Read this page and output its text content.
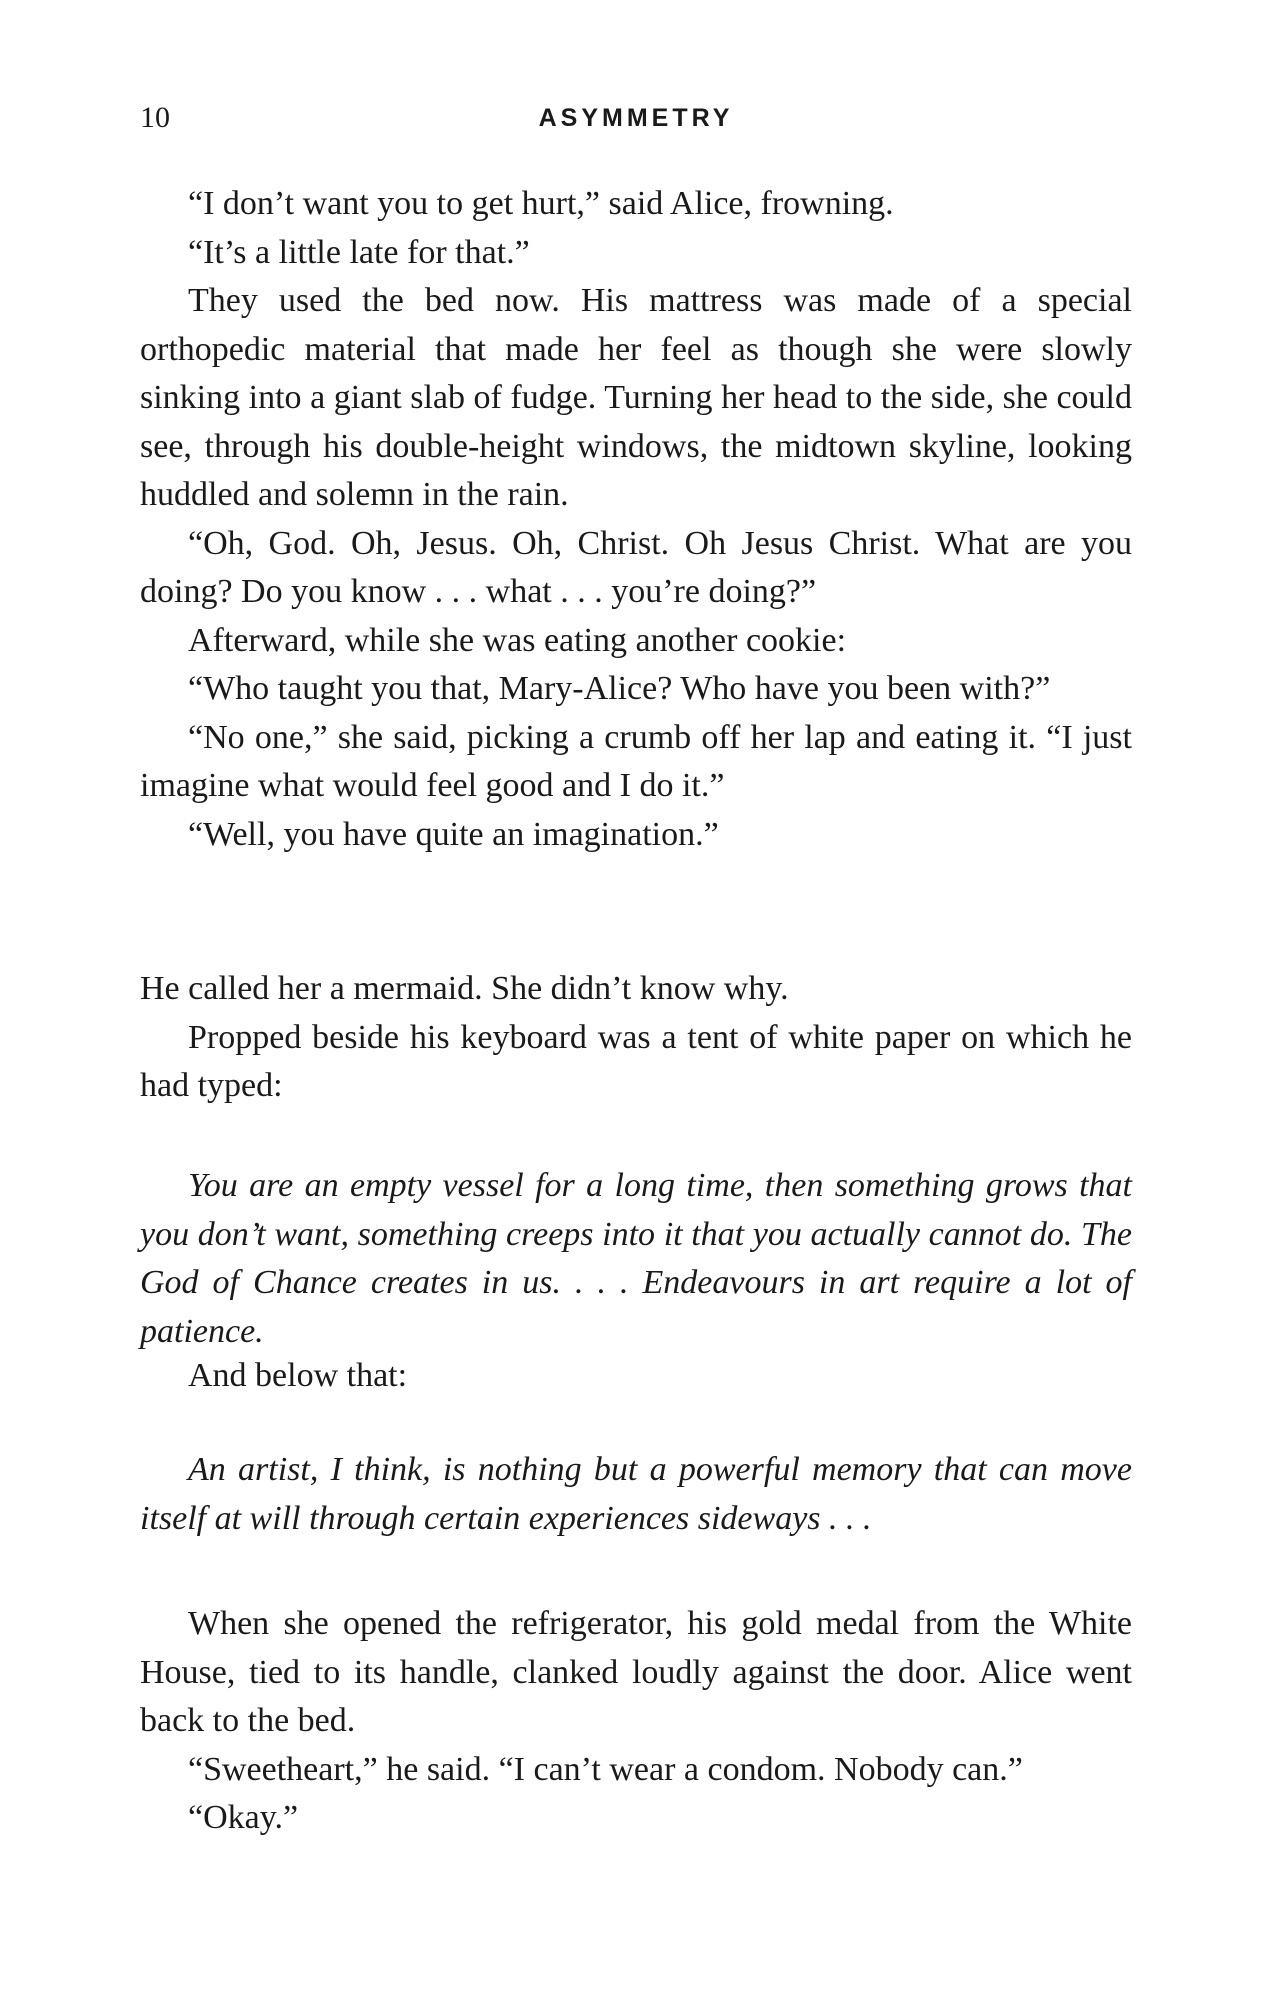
10	ASYMMETRY

“I don’t want you to get hurt,” said Alice, frowning.

“It’s a little late for that.”

They used the bed now. His mattress was made of a special orthopedic material that made her feel as though she were slowly sinking into a giant slab of fudge. Turning her head to the side, she could see, through his double-height windows, the midtown skyline, looking huddled and solemn in the rain.

“Oh, God. Oh, Jesus. Oh, Christ. Oh Jesus Christ. What are you doing? Do you know . . . what . . . you’re doing?”

Afterward, while she was eating another cookie:

“Who taught you that, Mary-Alice? Who have you been with?”

“No one,” she said, picking a crumb off her lap and eating it. “I just imagine what would feel good and I do it.”

“Well, you have quite an imagination.”

He called her a mermaid. She didn’t know why.

Propped beside his keyboard was a tent of white paper on which he had typed:

You are an empty vessel for a long time, then something grows that you don’t want, something creeps into it that you actually cannot do. The God of Chance creates in us. . . . Endeavours in art require a lot of patience.

And below that:

An artist, I think, is nothing but a powerful memory that can move itself at will through certain experiences sideways . . .

When she opened the refrigerator, his gold medal from the White House, tied to its handle, clanked loudly against the door. Alice went back to the bed.

“Sweetheart,” he said. “I can’t wear a condom. Nobody can.”

“Okay.”
